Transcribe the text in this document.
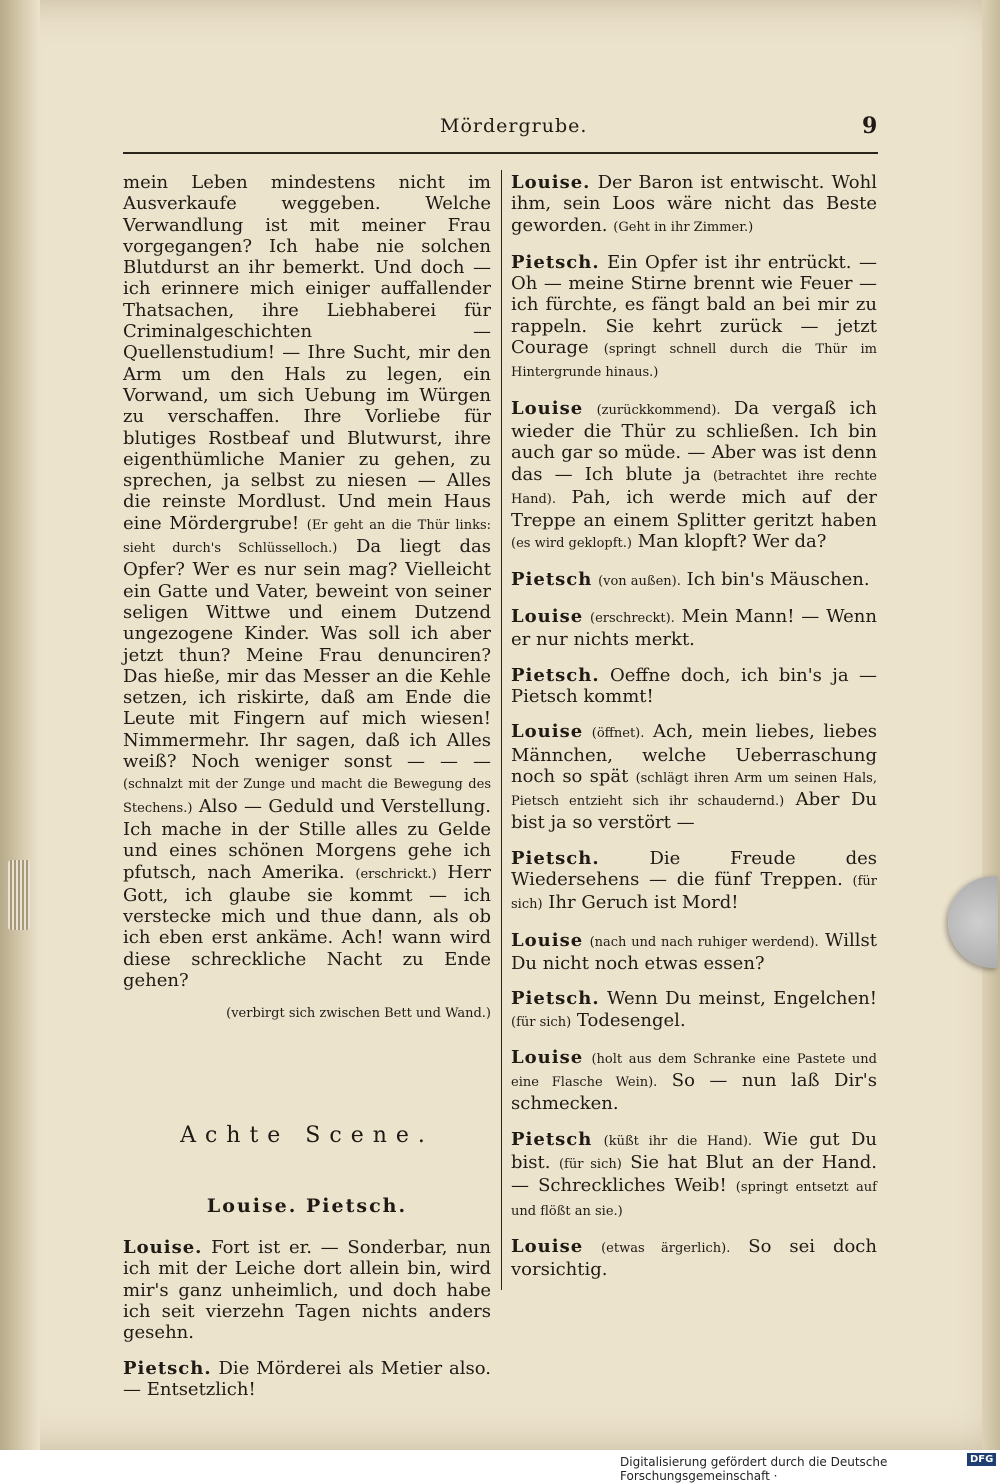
Mördergrube.	9

mein Leben mindestens nicht im Ausverkaufe weggeben. Welche Verwandlung ist mit meiner Frau vorgegangen? Ich habe nie solchen Blutdurst an ihr bemerkt. Und doch — ich erinnere mich einiger auffallender Thatsachen, ihre Liebhaberei für Criminalgeschichten — Quellenstudium! — Ihre Sucht, mir den Arm um den Hals zu legen, ein Vorwand, um sich Uebung im Würgen zu verschaffen. Ihre Vorliebe für blutiges Rostbeaf und Blutwurst, ihre eigenthümliche Manier zu gehen, zu sprechen, ja selbst zu niesen — Alles die reinste Mordlust. Und mein Haus eine Mördergrube! (Er geht an die Thür links: sieht durch's Schlüsselloch.) Da liegt das Opfer? Wer es nur sein mag? Vielleicht ein Gatte und Vater, beweint von seiner seligen Wittwe und einem Dutzend ungezogene Kinder. Was soll ich aber jetzt thun? Meine Frau denunciren? Das hieße, mir das Messer an die Kehle setzen, ich riskirte, daß am Ende die Leute mit Fingern auf mich wiesen! Nimmermehr. Ihr sagen, daß ich Alles weiß? Noch weniger sonst — — — (schnalzt mit der Zunge und macht die Bewegung des Stechens.) Also — Geduld und Verstellung. Ich mache in der Stille alles zu Gelde und eines schönen Morgens gehe ich pfutsch, nach Amerika. (erschrickt.) Herr Gott, ich glaube sie kommt — ich verstecke mich und thue dann, als ob ich eben erst ankäme. Ach! wann wird diese schreckliche Nacht zu Ende gehen?

(verbirgt sich zwischen Bett und Wand.)

Achte Scene.
Louise. Pietsch.

Louise. Fort ist er. — Sonderbar, nun ich mit der Leiche dort allein bin, wird mir's ganz unheimlich, und doch habe ich seit vierzehn Tagen nichts anders gesehn.

Pietsch. Die Mörderei als Metier also. — Entsetzlich!

Louise. Der Baron ist entwischt. Wohl ihm, sein Loos wäre nicht das Beste geworden. (Geht in ihr Zimmer.)

Pietsch. Ein Opfer ist ihr entrückt. — Oh — meine Stirne brennt wie Feuer — ich fürchte, es fängt bald an bei mir zu rappeln. Sie kehrt zurück — jetzt Courage (springt schnell durch die Thür im Hintergrunde hinaus.)

Louise (zurückkommend). Da vergaß ich wieder die Thür zu schließen. Ich bin auch gar so müde. — Aber was ist denn das — Ich blute ja (betrachtet ihre rechte Hand). Pah, ich werde mich auf der Treppe an einem Splitter geritzt haben (es wird geklopft.) Man klopft? Wer da?

Pietsch (von außen). Ich bin's Mäuschen.

Louise (erschreckt). Mein Mann! — Wenn er nur nichts merkt.

Pietsch. Oeffne doch, ich bin's ja — Pietsch kommt!

Louise (öffnet). Ach, mein liebes, liebes Männchen, welche Ueberraschung noch so spät (schlägt ihren Arm um seinen Hals, Pietsch entzieht sich ihr schaudernd.) Aber Du bist ja so verstört —

Pietsch.	Die Freude des Wiedersehens — die fünf Treppen. (für sich) Ihr Geruch ist Mord!

Louise (nach und nach ruhiger werdend). Willst Du nicht noch etwas essen?

Pietsch. Wenn Du meinst, Engelchen! (für sich) Todesengel.

Louise (holt aus dem Schranke eine Pastete und eine Flasche Wein). So — nun laß Dir's schmecken.

Pietsch (küßt ihr die Hand). Wie gut Du bist. (für sich) Sie hat Blut an der Hand. — Schreckliches Weib! (springt entsetzt auf und flößt an sie.)

Louise (etwas ärgerlich). So sei doch vorsichtig.

Digitalisierung gefördert durch die Deutsche Forschungsgemeinschaft ·
DFG
